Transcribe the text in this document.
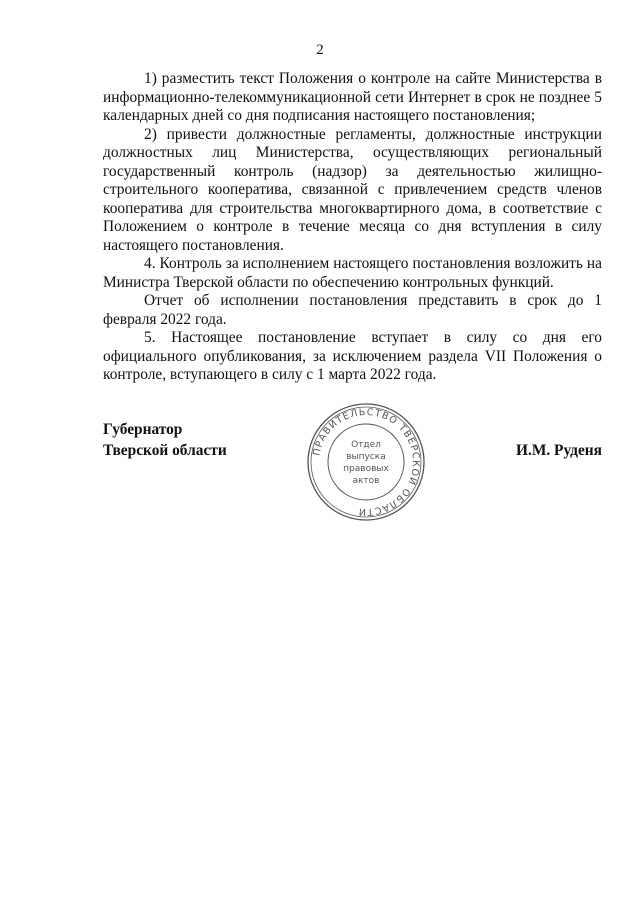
2

1) разместить текст Положения о контроле на сайте Министерства в информационно-телекоммуникационной сети Интернет в срок не позднее 5 календарных дней со дня подписания настоящего постановления;

2) привести должностные регламенты, должностные инструкции должностных лиц Министерства, осуществляющих региональный государственный контроль (надзор) за деятельностью жилищно-строительного кооператива, связанной с привлечением средств членов кооператива для строительства многоквартирного дома, в соответствие с Положением о контроле в течение месяца со дня вступления в силу настоящего постановления.

4. Контроль за исполнением настоящего постановления возложить на Министра Тверской области по обеспечению контрольных функций.

Отчет об исполнении постановления представить в срок до 1 февраля 2022 года.

5. Настоящее постановление вступает в силу со дня его официального опубликования, за исключением раздела VII Положения о контроле, вступающего в силу с 1 марта 2022 года.

Губернатор
Тверской области	И.М. Руденя
ПРАВИТЕЛЬСТВО ТВЕРСКОЙ ОБЛАСТИ
Отдел
выпуска
правовых
актов
